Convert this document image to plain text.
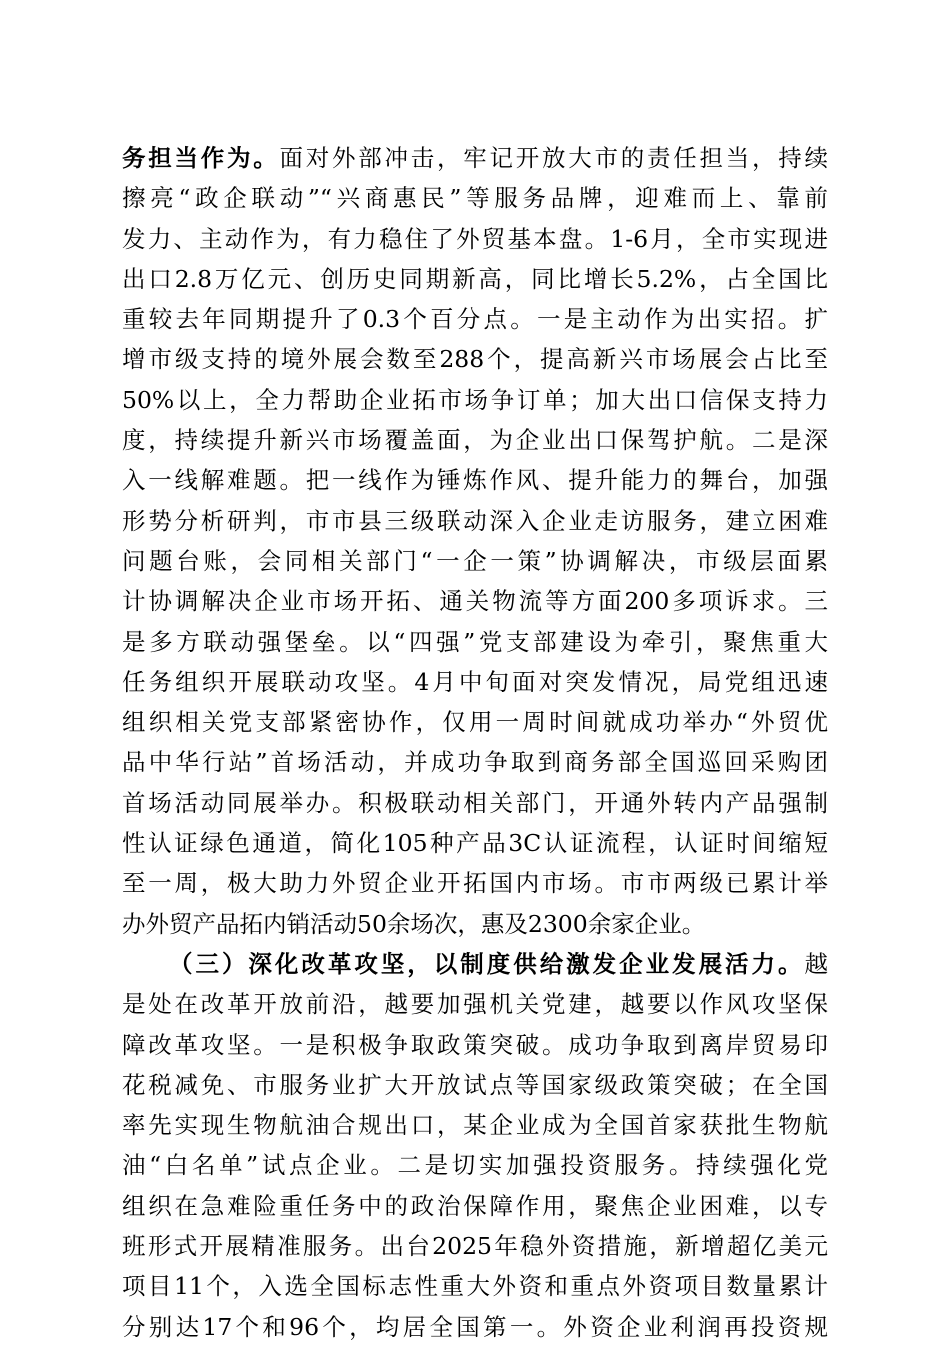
务担当作为。面对外部冲击，牢记开放大市的责任担当，持续
擦亮“政企联动”“兴商惠民”等服务品牌，迎难而上、靠前
发力、主动作为，有力稳住了外贸基本盘。1-6月，全市实现进
出口2.8万亿元、创历史同期新高，同比增长5.2%，占全国比
重较去年同期提升了0.3个百分点。一是主动作为出实招。扩
增市级支持的境外展会数至288个，提高新兴市场展会占比至
50%以上，全力帮助企业拓市场争订单；加大出口信保支持力
度，持续提升新兴市场覆盖面，为企业出口保驾护航。二是深
入一线解难题。把一线作为锤炼作风、提升能力的舞台，加强
形势分析研判，市市县三级联动深入企业走访服务，建立困难
问题台账，会同相关部门“一企一策”协调解决，市级层面累
计协调解决企业市场开拓、通关物流等方面200多项诉求。三
是多方联动强堡垒。以“四强”党支部建设为牵引，聚焦重大
任务组织开展联动攻坚。4月中旬面对突发情况，局党组迅速
组织相关党支部紧密协作，仅用一周时间就成功举办“外贸优
品中华行站”首场活动，并成功争取到商务部全国巡回采购团
首场活动同展举办。积极联动相关部门，开通外转内产品强制
性认证绿色通道，简化105种产品3C认证流程，认证时间缩短
至一周，极大助力外贸企业开拓国内市场。市市两级已累计举
办外贸产品拓内销活动50余场次，惠及2300余家企业。
（三）深化改革攻坚，以制度供给激发企业发展活力。越
是处在改革开放前沿，越要加强机关党建，越要以作风攻坚保
障改革攻坚。一是积极争取政策突破。成功争取到离岸贸易印
花税减免、市服务业扩大开放试点等国家级政策突破；在全国
率先实现生物航油合规出口，某企业成为全国首家获批生物航
油“白名单”试点企业。二是切实加强投资服务。持续强化党
组织在急难险重任务中的政治保障作用，聚焦企业困难，以专
班形式开展精准服务。出台2025年稳外资措施，新增超亿美元
项目11个，入选全国标志性重大外资和重点外资项目数量累计
分别达17个和96个，均居全国第一。外资企业利润再投资规
